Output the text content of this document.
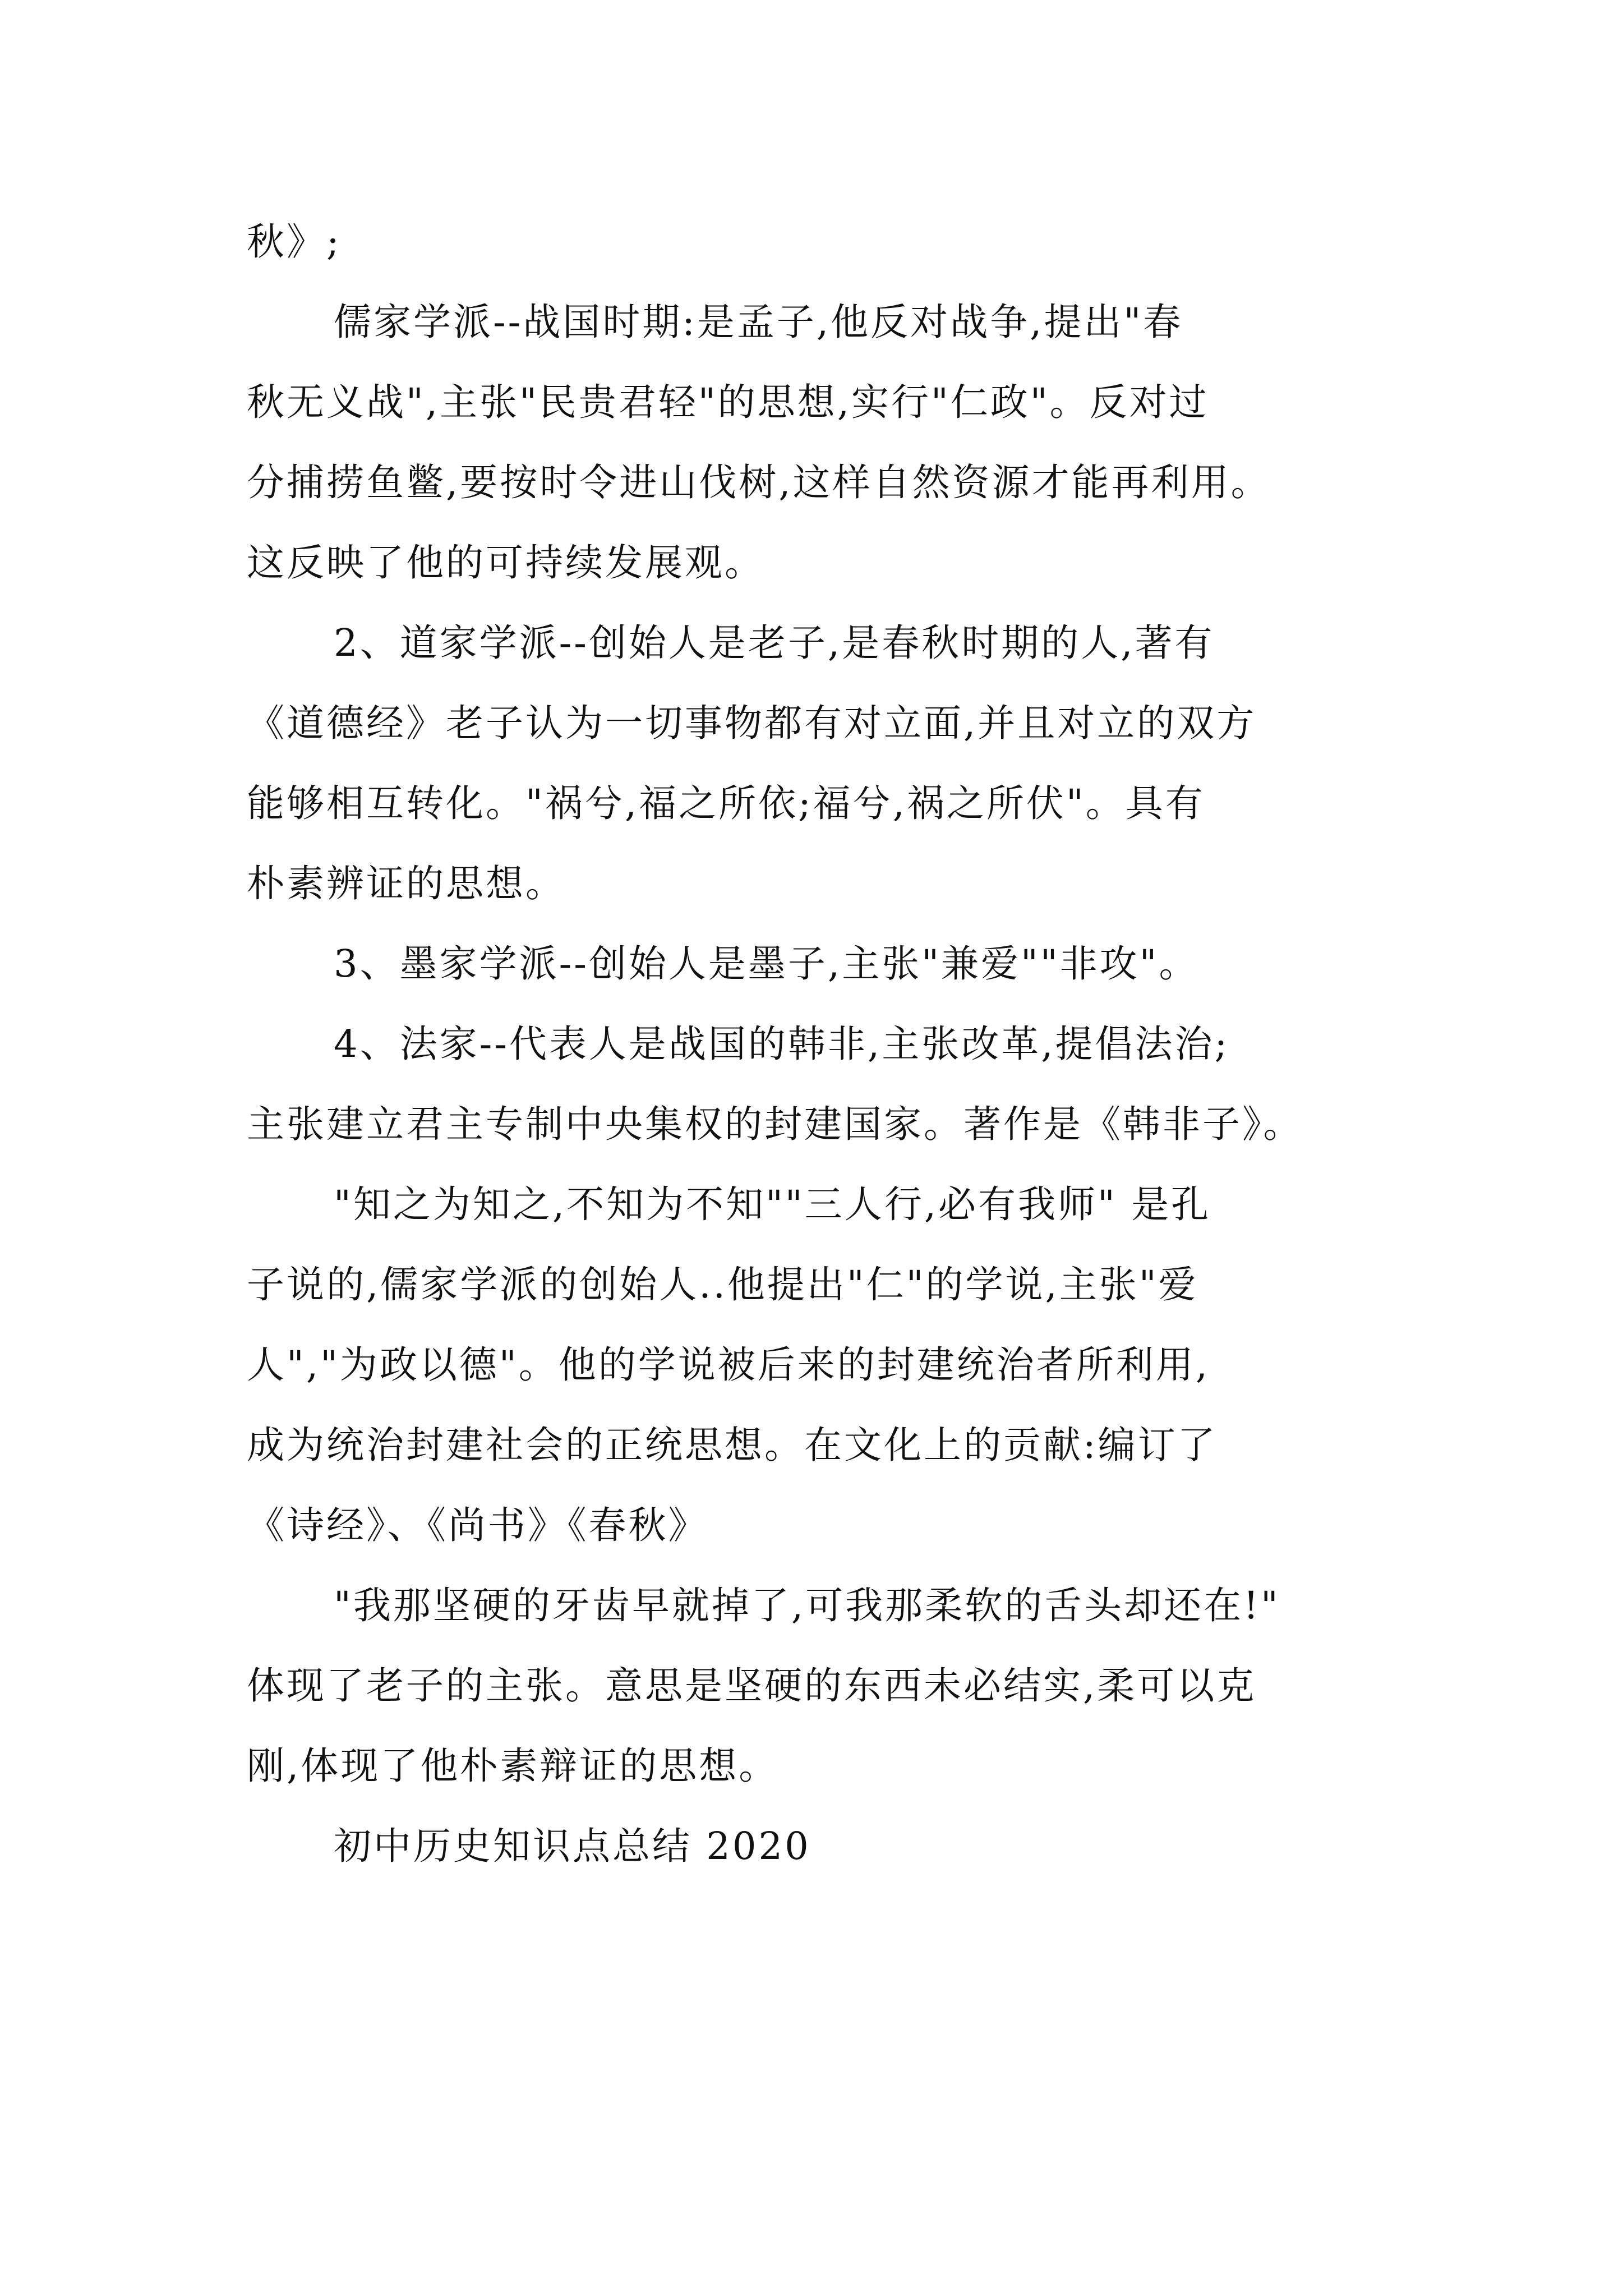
秋》;
儒家学派--战国时期:是孟子,他反对战争,提出"春
秋无义战",主张"民贵君轻"的思想,实行"仁政"。反对过
分捕捞鱼鳖,要按时令进山伐树,这样自然资源才能再利用。
这反映了他的可持续发展观。
2、道家学派--创始人是老子,是春秋时期的人,著有
《道德经》老子认为一切事物都有对立面,并且对立的双方
能够相互转化。"祸兮,福之所依;福兮,祸之所伏"。具有
朴素辨证的思想。
3、墨家学派--创始人是墨子,主张"兼爱""非攻"。
4、法家--代表人是战国的韩非,主张改革,提倡法治;
主张建立君主专制中央集权的封建国家。著作是《韩非子》。
"知之为知之,不知为不知""三人行,必有我师" 是孔
子说的,儒家学派的创始人..他提出"仁"的学说,主张"爱
人","为政以德"。他的学说被后来的封建统治者所利用,
成为统治封建社会的正统思想。在文化上的贡献:编订了
《诗经》、《尚书》《春秋》
"我那坚硬的牙齿早就掉了,可我那柔软的舌头却还在!"
体现了老子的主张。意思是坚硬的东西未必结实,柔可以克
刚,体现了他朴素辩证的思想。
初中历史知识点总结 2020
